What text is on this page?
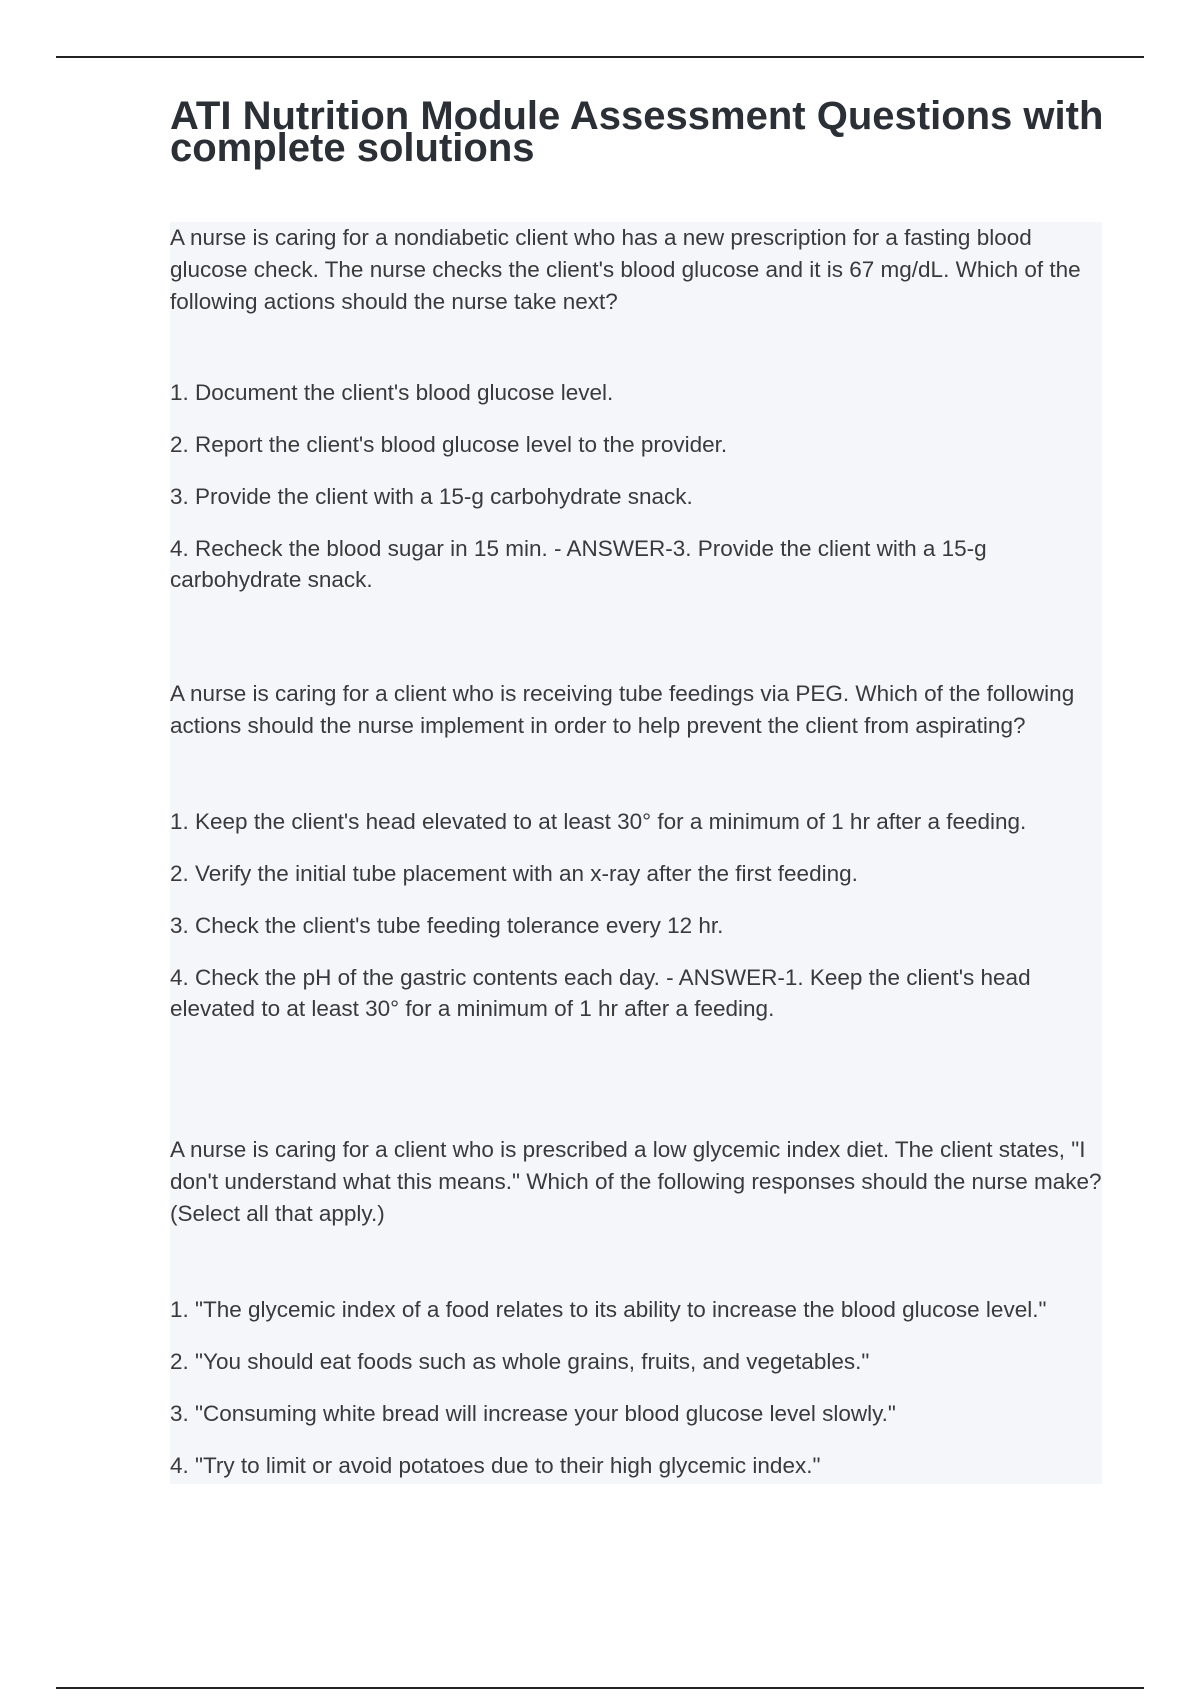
ATI Nutrition Module Assessment Questions with complete solutions

A nurse is caring for a nondiabetic client who has a new prescription for a fasting blood glucose check. The nurse checks the client's blood glucose and it is 67 mg/dL. Which of the following actions should the nurse take next?

1. Document the client's blood glucose level.
2. Report the client's blood glucose level to the provider.
3. Provide the client with a 15-g carbohydrate snack.
4. Recheck the blood sugar in 15 min. - ANSWER-3. Provide the client with a 15-g carbohydrate snack.

A nurse is caring for a client who is receiving tube feedings via PEG. Which of the following actions should the nurse implement in order to help prevent the client from aspirating?

1. Keep the client's head elevated to at least 30° for a minimum of 1 hr after a feeding.
2. Verify the initial tube placement with an x-ray after the first feeding.
3. Check the client's tube feeding tolerance every 12 hr.
4. Check the pH of the gastric contents each day. - ANSWER-1. Keep the client's head elevated to at least 30° for a minimum of 1 hr after a feeding.

A nurse is caring for a client who is prescribed a low glycemic index diet. The client states, "I don't understand what this means." Which of the following responses should the nurse make? (Select all that apply.)

1. "The glycemic index of a food relates to its ability to increase the blood glucose level."
2. "You should eat foods such as whole grains, fruits, and vegetables."
3. "Consuming white bread will increase your blood glucose level slowly."
4. "Try to limit or avoid potatoes due to their high glycemic index."
